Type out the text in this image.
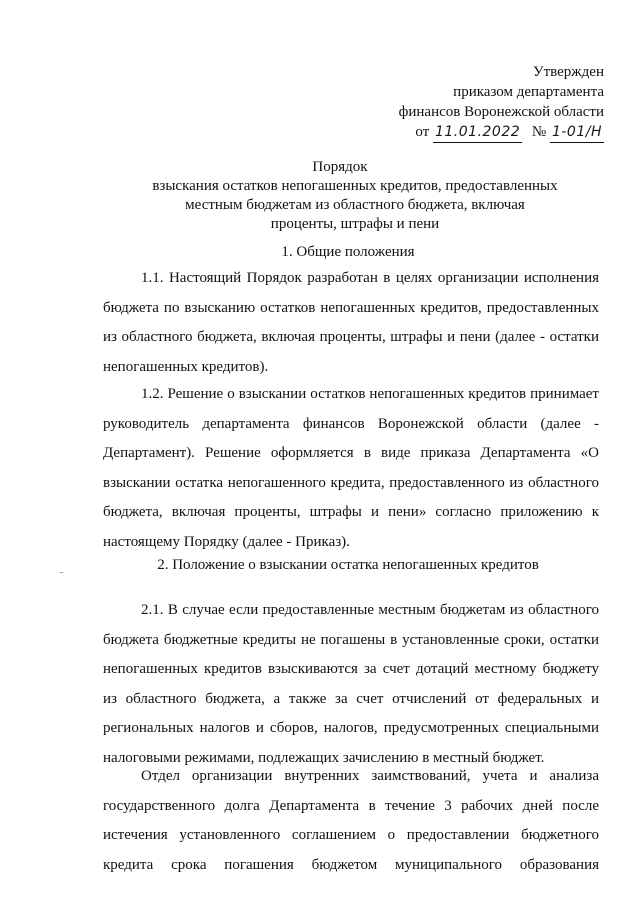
Утвержден
приказом департамента
финансов Воронежской области
от 11.01.2022 № 1-01/Н
Порядок
взыскания остатков непогашенных кредитов, предоставленных
местным бюджетам из областного бюджета, включая
проценты, штрафы и пени
1. Общие положения

1.1. Настоящий Порядок разработан в целях организации исполнения бюджета по взысканию остатков непогашенных кредитов, предоставленных из областного бюджета, включая проценты, штрафы и пени (далее - остатки непогашенных кредитов).

1.2. Решение о взыскании остатков непогашенных кредитов принимает руководитель департамента финансов Воронежской области (далее - Департамент). Решение оформляется в виде приказа Департамента «О взыскании остатка непогашенного кредита, предоставленного из областного бюджета, включая проценты, штрафы и пени» согласно приложению к настоящему Порядку (далее - Приказ).

2. Положение о взыскании остатка непогашенных кредитов

2.1. В случае если предоставленные местным бюджетам из областного бюджета бюджетные кредиты не погашены в установленные сроки, остатки непогашенных кредитов взыскиваются за счет дотаций местному бюджету из областного бюджета, а также за счет отчислений от федеральных и региональных налогов и сборов, налогов, предусмотренных специальными налоговыми режимами, подлежащих зачислению в местный бюджет.

Отдел организации внутренних заимствований, учета и анализа государственного долга Департамента в течение 3 рабочих дней после истечения установленного соглашением о предоставлении бюджетного кредита срока погашения бюджетом муниципального образования
